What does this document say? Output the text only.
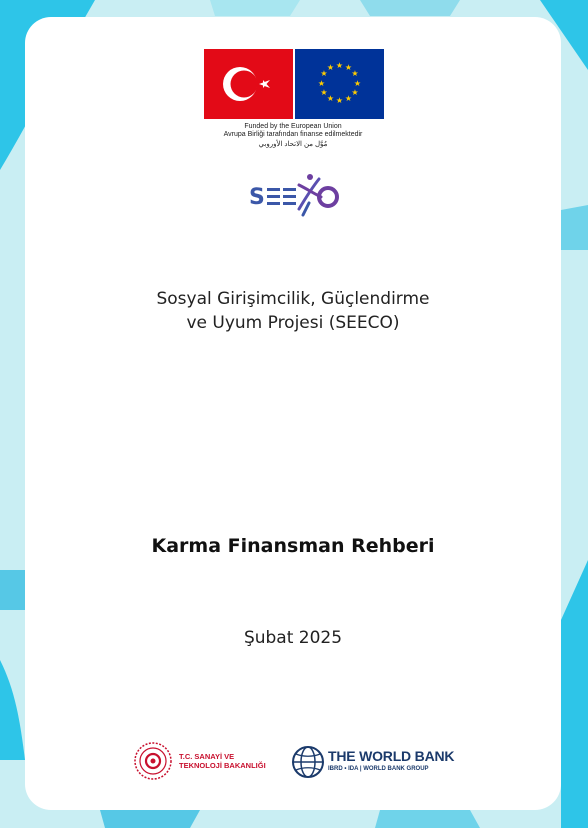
★ ★
★
★
★
★
★
★
★
★
★
★
Funded by the European Union
Avrupa Birliği tarafından finanse edilmektedir
مُوَّل من الاتحاد الأوروبي
S
Sosyal Girişimcilik, Güçlendirme
ve Uyum Projesi (SEECO)
Karma Finansman Rehberi
Şubat 2025
T.C. SANAYİ VE
TEKNOLOJİ BAKANLIĞI
THE WORLD BANK
IBRD • IDA | WORLD BANK GROUP
